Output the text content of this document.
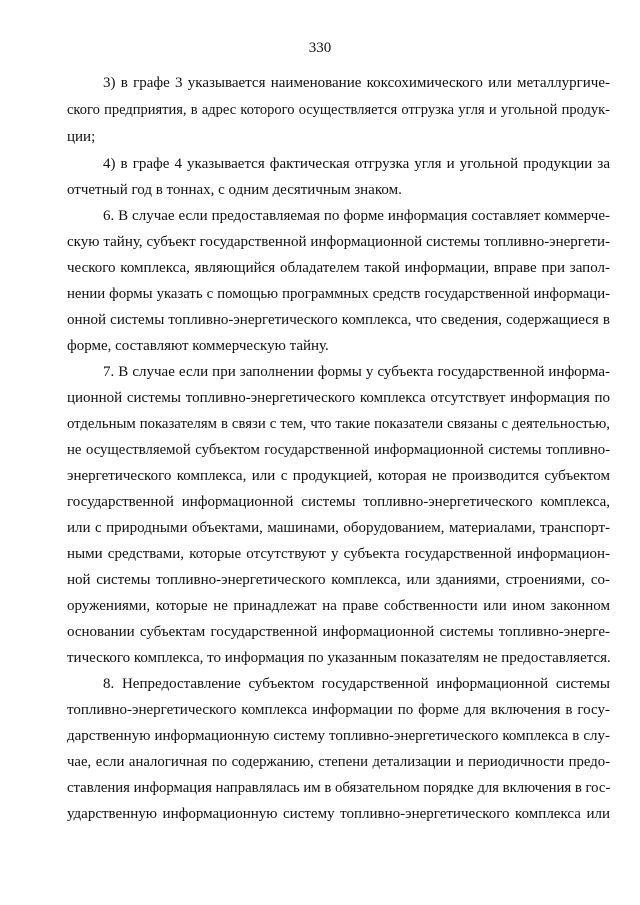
330
3) в графе 3 указывается наименование коксохимического или металлургиче-
ского предприятия, в адрес которого осуществляется отгрузка угля и угольной продук-
ции;
4) в графе 4 указывается фактическая отгрузка угля и угольной продукции за
отчетный год в тоннах, с одним десятичным знаком.
6. В случае если предоставляемая по форме информация составляет коммерче-
скую тайну, субъект государственной информационной системы топливно-энергети-
ческого комплекса, являющийся обладателем такой информации, вправе при запол-
нении формы указать с помощью программных средств государственной информаци-
онной системы топливно-энергетического комплекса, что сведения, содержащиеся в
форме, составляют коммерческую тайну.
7. В случае если при заполнении формы у субъекта государственной информа-
ционной системы топливно-энергетического комплекса отсутствует информация по
отдельным показателям в связи с тем, что такие показатели связаны с деятельностью,
не осуществляемой субъектом государственной информационной системы топливно-
энергетического комплекса, или с продукцией, которая не производится субъектом
государственной информационной системы топливно-энергетического комплекса,
или с природными объектами, машинами, оборудованием, материалами, транспорт-
ными средствами, которые отсутствуют у субъекта государственной информацион-
ной системы топливно-энергетического комплекса, или зданиями, строениями, со-
оружениями, которые не принадлежат на праве собственности или ином законном
основании субъектам государственной информационной системы топливно-энерге-
тического комплекса, то информация по указанным показателям не предоставляется.
8. Непредоставление субъектом государственной информационной системы
топливно-энергетического комплекса информации по форме для включения в госу-
дарственную информационную систему топливно-энергетического комплекса в слу-
чае, если аналогичная по содержанию, степени детализации и периодичности предо-
ставления информация направлялась им в обязательном порядке для включения в гос-
ударственную информационную систему топливно-энергетического комплекса или
